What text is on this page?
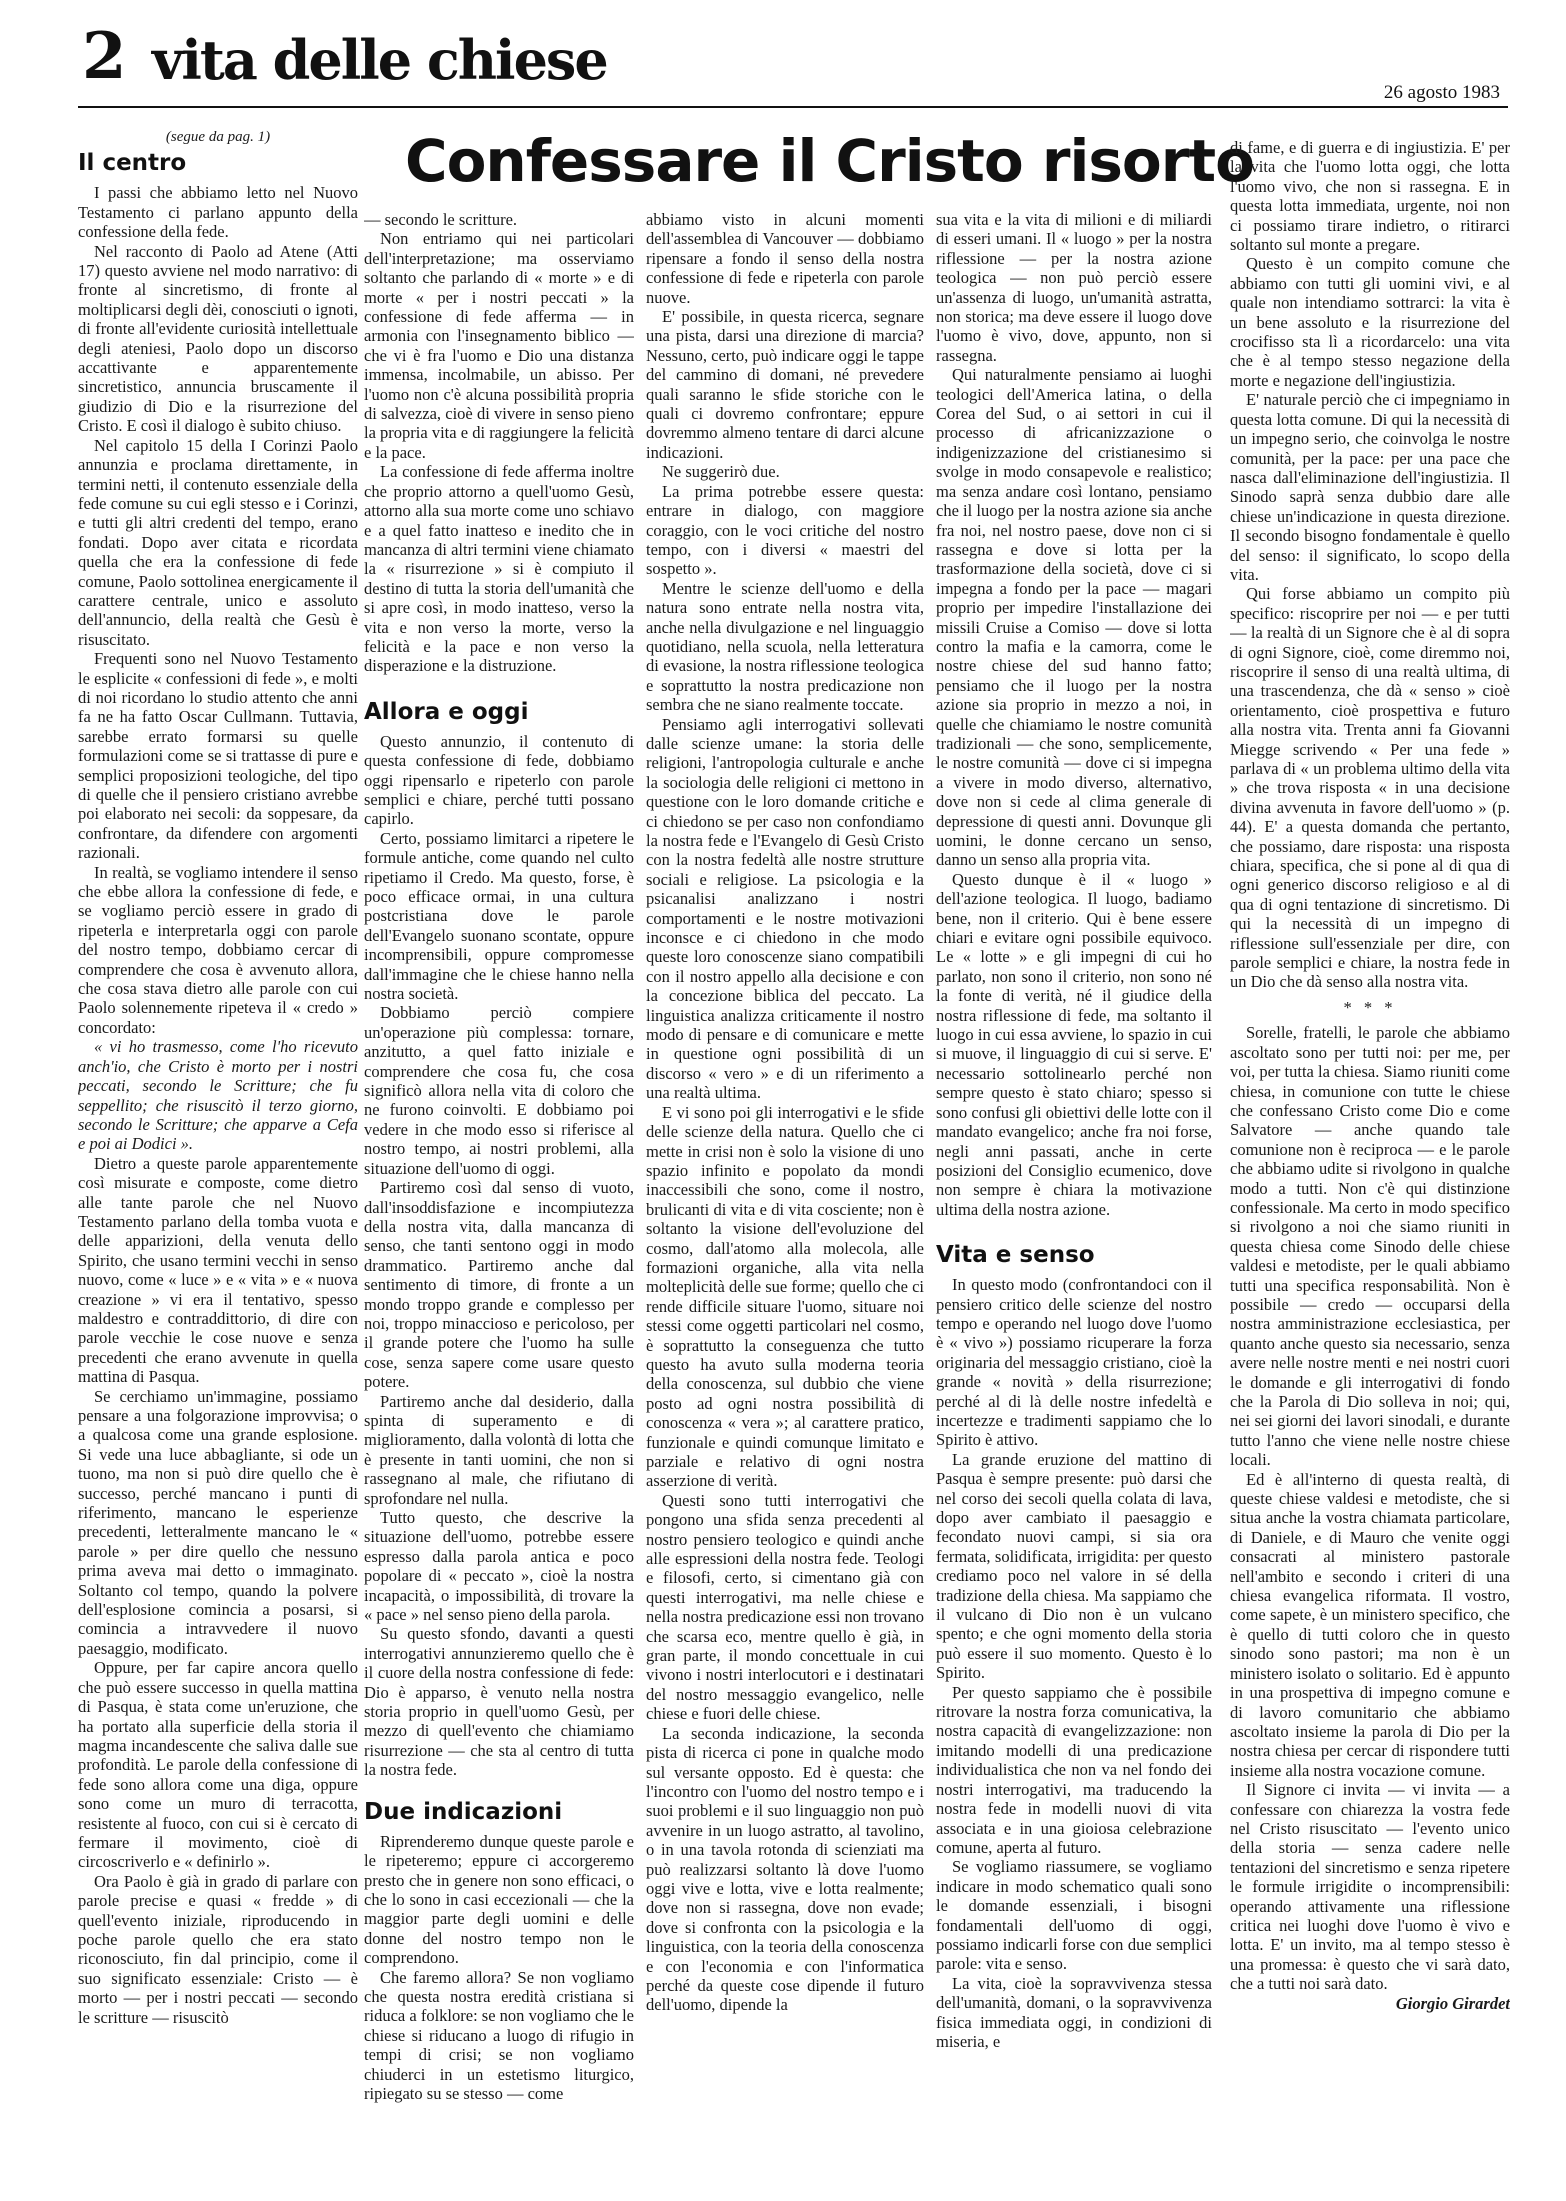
2 vita delle chiese
26 agosto 1983
Confessare il Cristo risorto

(segue da pag. 1)

Il centro

I passi che abbiamo letto nel Nuovo Testamento ci parlano appunto della confessione della fede.

Nel racconto di Paolo ad Atene (Atti 17) questo avviene nel modo narrativo: di fronte al sincretismo, di fronte al moltiplicarsi degli dèi, conosciuti o ignoti, di fronte all'evidente curiosità intellettuale degli ateniesi, Paolo dopo un discorso accattivante e apparentemente sincretistico, annuncia bruscamente il giudizio di Dio e la risurrezione del Cristo. E così il dialogo è subito chiuso.

Nel capitolo 15 della I Corinzi Paolo annunzia e proclama direttamente, in termini netti, il contenuto essenziale della fede comune su cui egli stesso e i Corinzi, e tutti gli altri credenti del tempo, erano fondati. Dopo aver citata e ricordata quella che era la confessione di fede comune, Paolo sottolinea energicamente il carattere centrale, unico e assoluto dell'annuncio, della realtà che Gesù è risuscitato.

Frequenti sono nel Nuovo Testamento le esplicite « confessioni di fede », e molti di noi ricordano lo studio attento che anni fa ne ha fatto Oscar Cullmann. Tuttavia, sarebbe errato formarsi su quelle formulazioni come se si trattasse di pure e semplici proposizioni teologiche, del tipo di quelle che il pensiero cristiano avrebbe poi elaborato nei secoli: da soppesare, da confrontare, da difendere con argomenti razionali.

In realtà, se vogliamo intendere il senso che ebbe allora la confessione di fede, e se vogliamo perciò essere in grado di ripeterla e interpretarla oggi con parole del nostro tempo, dobbiamo cercar di comprendere che cosa è avvenuto allora, che cosa stava dietro alle parole con cui Paolo solennemente ripeteva il « credo » concordato:

« vi ho trasmesso, come l'ho ricevuto anch'io, che Cristo è morto per i nostri peccati, secondo le Scritture; che fu seppellito; che risuscitò il terzo giorno, secondo le Scritture; che apparve a Cefa e poi ai Dodici ».

Dietro a queste parole apparentemente così misurate e composte, come dietro alle tante parole che nel Nuovo Testamento parlano della tomba vuota e delle apparizioni, della venuta dello Spirito, che usano termini vecchi in senso nuovo, come « luce » e « vita » e « nuova creazione » vi era il tentativo, spesso maldestro e contraddittorio, di dire con parole vecchie le cose nuove e senza precedenti che erano avvenute in quella mattina di Pasqua.

Se cerchiamo un'immagine, possiamo pensare a una folgorazione improvvisa; o a qualcosa come una grande esplosione. Si vede una luce abbagliante, si ode un tuono, ma non si può dire quello che è successo, perché mancano i punti di riferimento, mancano le esperienze precedenti, letteralmente mancano le « parole » per dire quello che nessuno prima aveva mai detto o immaginato. Soltanto col tempo, quando la polvere dell'esplosione comincia a posarsi, si comincia a intravvedere il nuovo paesaggio, modificato.

Oppure, per far capire ancora quello che può essere successo in quella mattina di Pasqua, è stata come un'eruzione, che ha portato alla superficie della storia il magma incandescente che saliva dalle sue profondità. Le parole della confessione di fede sono allora come una diga, oppure sono come un muro di terracotta, resistente al fuoco, con cui si è cercato di fermare il movimento, cioè di circoscriverlo e « definirlo ».

Ora Paolo è già in grado di parlare con parole precise e quasi « fredde » di quell'evento iniziale, riproducendo in poche parole quello che era stato riconosciuto, fin dal principio, come il suo significato essenziale: Cristo — è morto — per i nostri peccati — secondo le scritture — risuscitò

— secondo le scritture.

Non entriamo qui nei particolari dell'interpretazione; ma osserviamo soltanto che parlando di « morte » e di morte « per i nostri peccati » la confessione di fede afferma — in armonia con l'insegnamento biblico — che vi è fra l'uomo e Dio una distanza immensa, incolmabile, un abisso. Per l'uomo non c'è alcuna possibilità propria di salvezza, cioè di vivere in senso pieno la propria vita e di raggiungere la felicità e la pace.

La confessione di fede afferma inoltre che proprio attorno a quell'uomo Gesù, attorno alla sua morte come uno schiavo e a quel fatto inatteso e inedito che in mancanza di altri termini viene chiamato la « risurrezione » si è compiuto il destino di tutta la storia dell'umanità che si apre così, in modo inatteso, verso la vita e non verso la morte, verso la felicità e la pace e non verso la disperazione e la distruzione.

Allora e oggi

Questo annunzio, il contenuto di questa confessione di fede, dobbiamo oggi ripensarlo e ripeterlo con parole semplici e chiare, perché tutti possano capirlo.

Certo, possiamo limitarci a ripetere le formule antiche, come quando nel culto ripetiamo il Credo. Ma questo, forse, è poco efficace ormai, in una cultura postcristiana dove le parole dell'Evangelo suonano scontate, oppure incomprensibili, oppure compromesse dall'immagine che le chiese hanno nella nostra società.

Dobbiamo perciò compiere un'operazione più complessa: tornare, anzitutto, a quel fatto iniziale e comprendere che cosa fu, che cosa significò allora nella vita di coloro che ne furono coinvolti. E dobbiamo poi vedere in che modo esso si riferisce al nostro tempo, ai nostri problemi, alla situazione dell'uomo di oggi.

Partiremo così dal senso di vuoto, dall'insoddisfazione e incompiutezza della nostra vita, dalla mancanza di senso, che tanti sentono oggi in modo drammatico. Partiremo anche dal sentimento di timore, di fronte a un mondo troppo grande e complesso per noi, troppo minaccioso e pericoloso, per il grande potere che l'uomo ha sulle cose, senza sapere come usare questo potere.

Partiremo anche dal desiderio, dalla spinta di superamento e di miglioramento, dalla volontà di lotta che è presente in tanti uomini, che non si rassegnano al male, che rifiutano di sprofondare nel nulla.

Tutto questo, che descrive la situazione dell'uomo, potrebbe essere espresso dalla parola antica e poco popolare di « peccato », cioè la nostra incapacità, o impossibilità, di trovare la « pace » nel senso pieno della parola.

Su questo sfondo, davanti a questi interrogativi annunzieremo quello che è il cuore della nostra confessione di fede: Dio è apparso, è venuto nella nostra storia proprio in quell'uomo Gesù, per mezzo di quell'evento che chiamiamo risurrezione — che sta al centro di tutta la nostra fede.

Due indicazioni

Riprenderemo dunque queste parole e le ripeteremo; eppure ci accorgeremo presto che in genere non sono efficaci, o che lo sono in casi eccezionali — che la maggior parte degli uomini e delle donne del nostro tempo non le comprendono.

Che faremo allora? Se non vogliamo che questa nostra eredità cristiana si riduca a folklore: se non vogliamo che le chiese si riducano a luogo di rifugio in tempi di crisi; se non vogliamo chiuderci in un estetismo liturgico, ripiegato su se stesso — come

abbiamo visto in alcuni momenti dell'assemblea di Vancouver — dobbiamo ripensare a fondo il senso della nostra confessione di fede e ripeterla con parole nuove.

E' possibile, in questa ricerca, segnare una pista, darsi una direzione di marcia? Nessuno, certo, può indicare oggi le tappe del cammino di domani, né prevedere quali saranno le sfide storiche con le quali ci dovremo confrontare; eppure dovremmo almeno tentare di darci alcune indicazioni.

Ne suggerirò due.

La prima potrebbe essere questa: entrare in dialogo, con maggiore coraggio, con le voci critiche del nostro tempo, con i diversi « maestri del sospetto ».

Mentre le scienze dell'uomo e della natura sono entrate nella nostra vita, anche nella divulgazione e nel linguaggio quotidiano, nella scuola, nella letteratura di evasione, la nostra riflessione teologica e soprattutto la nostra predicazione non sembra che ne siano realmente toccate.

Pensiamo agli interrogativi sollevati dalle scienze umane: la storia delle religioni, l'antropologia culturale e anche la sociologia delle religioni ci mettono in questione con le loro domande critiche e ci chiedono se per caso non confondiamo la nostra fede e l'Evangelo di Gesù Cristo con la nostra fedeltà alle nostre strutture sociali e religiose. La psicologia e la psicanalisi analizzano i nostri comportamenti e le nostre motivazioni inconsce e ci chiedono in che modo queste loro conoscenze siano compatibili con il nostro appello alla decisione e con la concezione biblica del peccato. La linguistica analizza criticamente il nostro modo di pensare e di comunicare e mette in questione ogni possibilità di un discorso « vero » e di un riferimento a una realtà ultima.

E vi sono poi gli interrogativi e le sfide delle scienze della natura. Quello che ci mette in crisi non è solo la visione di uno spazio infinito e popolato da mondi inaccessibili che sono, come il nostro, brulicanti di vita e di vita cosciente; non è soltanto la visione dell'evoluzione del cosmo, dall'atomo alla molecola, alle formazioni organiche, alla vita nella molteplicità delle sue forme; quello che ci rende difficile situare l'uomo, situare noi stessi come oggetti particolari nel cosmo, è soprattutto la conseguenza che tutto questo ha avuto sulla moderna teoria della conoscenza, sul dubbio che viene posto ad ogni nostra possibilità di conoscenza « vera »; al carattere pratico, funzionale e quindi comunque limitato e parziale e relativo di ogni nostra asserzione di verità.

Questi sono tutti interrogativi che pongono una sfida senza precedenti al nostro pensiero teologico e quindi anche alle espressioni della nostra fede. Teologi e filosofi, certo, si cimentano già con questi interrogativi, ma nelle chiese e nella nostra predicazione essi non trovano che scarsa eco, mentre quello è già, in gran parte, il mondo concettuale in cui vivono i nostri interlocutori e i destinatari del nostro messaggio evangelico, nelle chiese e fuori delle chiese.

La seconda indicazione, la seconda pista di ricerca ci pone in qualche modo sul versante opposto. Ed è questa: che l'incontro con l'uomo del nostro tempo e i suoi problemi e il suo linguaggio non può avvenire in un luogo astratto, al tavolino, o in una tavola rotonda di scienziati ma può realizzarsi soltanto là dove l'uomo oggi vive e lotta, vive e lotta realmente; dove non si rassegna, dove non evade; dove si confronta con la psicologia e la linguistica, con la teoria della conoscenza e con l'economia e con l'informatica perché da queste cose dipende il futuro dell'uomo, dipende la

sua vita e la vita di milioni e di miliardi di esseri umani. Il « luogo » per la nostra riflessione — per la nostra azione teologica — non può perciò essere un'assenza di luogo, un'umanità astratta, non storica; ma deve essere il luogo dove l'uomo è vivo, dove, appunto, non si rassegna.

Qui naturalmente pensiamo ai luoghi teologici dell'America latina, o della Corea del Sud, o ai settori in cui il processo di africanizzazione o indigenizzazione del cristianesimo si svolge in modo consapevole e realistico; ma senza andare così lontano, pensiamo che il luogo per la nostra azione sia anche fra noi, nel nostro paese, dove non ci si rassegna e dove si lotta per la trasformazione della società, dove ci si impegna a fondo per la pace — magari proprio per impedire l'installazione dei missili Cruise a Comiso — dove si lotta contro la mafia e la camorra, come le nostre chiese del sud hanno fatto; pensiamo che il luogo per la nostra azione sia proprio in mezzo a noi, in quelle che chiamiamo le nostre comunità tradizionali — che sono, semplicemente, le nostre comunità — dove ci si impegna a vivere in modo diverso, alternativo, dove non si cede al clima generale di depressione di questi anni. Dovunque gli uomini, le donne cercano un senso, danno un senso alla propria vita.

Questo dunque è il « luogo » dell'azione teologica. Il luogo, badiamo bene, non il criterio. Qui è bene essere chiari e evitare ogni possibile equivoco. Le « lotte » e gli impegni di cui ho parlato, non sono il criterio, non sono né la fonte di verità, né il giudice della nostra riflessione di fede, ma soltanto il luogo in cui essa avviene, lo spazio in cui si muove, il linguaggio di cui si serve. E' necessario sottolinearlo perché non sempre questo è stato chiaro; spesso si sono confusi gli obiettivi delle lotte con il mandato evangelico; anche fra noi forse, negli anni passati, anche in certe posizioni del Consiglio ecumenico, dove non sempre è chiara la motivazione ultima della nostra azione.

Vita e senso

In questo modo (confrontandoci con il pensiero critico delle scienze del nostro tempo e operando nel luogo dove l'uomo è « vivo ») possiamo ricuperare la forza originaria del messaggio cristiano, cioè la grande « novità » della risurrezione; perché al di là delle nostre infedeltà e incertezze e tradimenti sappiamo che lo Spirito è attivo.

La grande eruzione del mattino di Pasqua è sempre presente: può darsi che nel corso dei secoli quella colata di lava, dopo aver cambiato il paesaggio e fecondato nuovi campi, si sia ora fermata, solidificata, irrigidita: per questo crediamo poco nel valore in sé della tradizione della chiesa. Ma sappiamo che il vulcano di Dio non è un vulcano spento; e che ogni momento della storia può essere il suo momento. Questo è lo Spirito.

Per questo sappiamo che è possibile ritrovare la nostra forza comunicativa, la nostra capacità di evangelizzazione: non imitando modelli di una predicazione individualistica che non va nel fondo dei nostri interrogativi, ma traducendo la nostra fede in modelli nuovi di vita associata e in una gioiosa celebrazione comune, aperta al futuro.

Se vogliamo riassumere, se vogliamo indicare in modo schematico quali sono le domande essenziali, i bisogni fondamentali dell'uomo di oggi, possiamo indicarli forse con due semplici parole: vita e senso.

La vita, cioè la sopravvivenza stessa dell'umanità, domani, o la sopravvivenza fisica immediata oggi, in condizioni di miseria, e

di fame, e di guerra e di ingiustizia. E' per la vita che l'uomo lotta oggi, che lotta l'uomo vivo, che non si rassegna. E in questa lotta immediata, urgente, noi non ci possiamo tirare indietro, o ritirarci soltanto sul monte a pregare.

Questo è un compito comune che abbiamo con tutti gli uomini vivi, e al quale non intendiamo sottrarci: la vita è un bene assoluto e la risurrezione del crocifisso sta lì a ricordarcelo: una vita che è al tempo stesso negazione della morte e negazione dell'ingiustizia.

E' naturale perciò che ci impegniamo in questa lotta comune. Di qui la necessità di un impegno serio, che coinvolga le nostre comunità, per la pace: per una pace che nasca dall'eliminazione dell'ingiustizia. Il Sinodo saprà senza dubbio dare alle chiese un'indicazione in questa direzione. Il secondo bisogno fondamentale è quello del senso: il significato, lo scopo della vita.

Qui forse abbiamo un compito più specifico: riscoprire per noi — e per tutti — la realtà di un Signore che è al di sopra di ogni Signore, cioè, come diremmo noi, riscoprire il senso di una realtà ultima, di una trascendenza, che dà « senso » cioè orientamento, cioè prospettiva e futuro alla nostra vita. Trenta anni fa Giovanni Miegge scrivendo « Per una fede » parlava di « un problema ultimo della vita » che trova risposta « in una decisione divina avvenuta in favore dell'uomo » (p. 44). E' a questa domanda che pertanto, che possiamo, dare risposta: una risposta chiara, specifica, che si pone al di qua di ogni generico discorso religioso e al di qua di ogni tentazione di sincretismo. Di qui la necessità di un impegno di riflessione sull'essenziale per dire, con parole semplici e chiare, la nostra fede in un Dio che dà senso alla nostra vita.

* * *

Sorelle, fratelli, le parole che abbiamo ascoltato sono per tutti noi: per me, per voi, per tutta la chiesa. Siamo riuniti come chiesa, in comunione con tutte le chiese che confessano Cristo come Dio e come Salvatore — anche quando tale comunione non è reciproca — e le parole che abbiamo udite si rivolgono in qualche modo a tutti. Non c'è qui distinzione confessionale. Ma certo in modo specifico si rivolgono a noi che siamo riuniti in questa chiesa come Sinodo delle chiese valdesi e metodiste, per le quali abbiamo tutti una specifica responsabilità. Non è possibile — credo — occuparsi della nostra amministrazione ecclesiastica, per quanto anche questo sia necessario, senza avere nelle nostre menti e nei nostri cuori le domande e gli interrogativi di fondo che la Parola di Dio solleva in noi; qui, nei sei giorni dei lavori sinodali, e durante tutto l'anno che viene nelle nostre chiese locali.

Ed è all'interno di questa realtà, di queste chiese valdesi e metodiste, che si situa anche la vostra chiamata particolare, di Daniele, e di Mauro che venite oggi consacrati al ministero pastorale nell'ambito e secondo i criteri di una chiesa evangelica riformata. Il vostro, come sapete, è un ministero specifico, che è quello di tutti coloro che in questo sinodo sono pastori; ma non è un ministero isolato o solitario. Ed è appunto in una prospettiva di impegno comune e di lavoro comunitario che abbiamo ascoltato insieme la parola di Dio per la nostra chiesa per cercar di rispondere tutti insieme alla nostra vocazione comune.

Il Signore ci invita — vi invita — a confessare con chiarezza la vostra fede nel Cristo risuscitato — l'evento unico della storia — senza cadere nelle tentazioni del sincretismo e senza ripetere le formule irrigidite o incomprensibili: operando attivamente una riflessione critica nei luoghi dove l'uomo è vivo e lotta. E' un invito, ma al tempo stesso è una promessa: è questo che vi sarà dato, che a tutti noi sarà dato.

Giorgio Girardet
